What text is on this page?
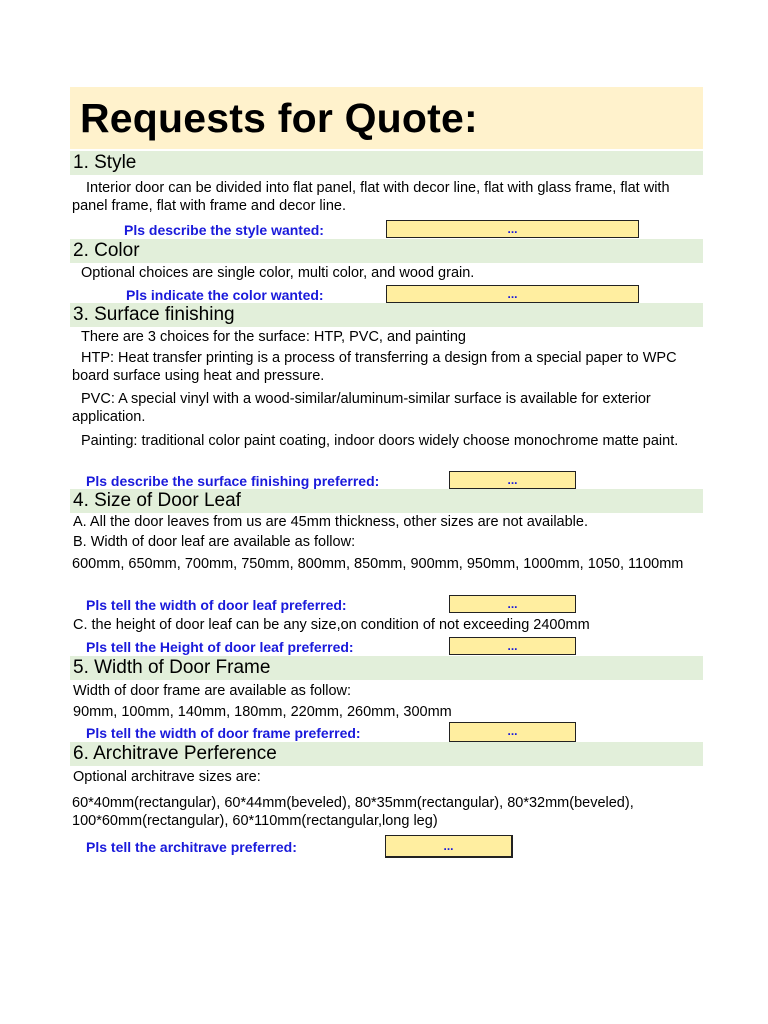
Requests for Quote:
1. Style
Interior door can be divided into flat panel, flat with decor line, flat with glass frame, flat with panel frame, flat with frame and decor line.
Pls describe the style wanted:	...
2. Color
Optional choices are single color, multi color, and wood grain.
Pls indicate the color wanted:	...
3. Surface finishing
There are 3 choices for the surface: HTP, PVC, and painting
HTP: Heat transfer printing is a process of transferring a design from a special paper to WPC board surface using heat and pressure.
PVC: A special vinyl with a wood-similar/aluminum-similar surface is available for exterior application.
Painting: traditional color paint coating, indoor doors widely choose monochrome matte paint.
Pls describe the surface finishing preferred:	...
4. Size of Door Leaf
A. All the door leaves from us are 45mm thickness, other sizes are not available.
B. Width of door leaf are available as follow:
600mm, 650mm, 700mm, 750mm, 800mm, 850mm, 900mm, 950mm, 1000mm, 1050, 1100mm
Pls tell the width of door leaf preferred:	...
C. the height of door leaf can be any size,on condition of not exceeding 2400mm
Pls tell the Height of door leaf preferred:	...
5. Width of Door Frame
Width of door frame are available as follow:
90mm, 100mm, 140mm, 180mm, 220mm, 260mm, 300mm
Pls tell the width of door frame preferred:	...
6. Architrave Perference
Optional architrave sizes are:
60*40mm(rectangular), 60*44mm(beveled), 80*35mm(rectangular), 80*32mm(beveled), 100*60mm(rectangular), 60*110mm(rectangular,long leg)
Pls tell the architrave preferred:	...
